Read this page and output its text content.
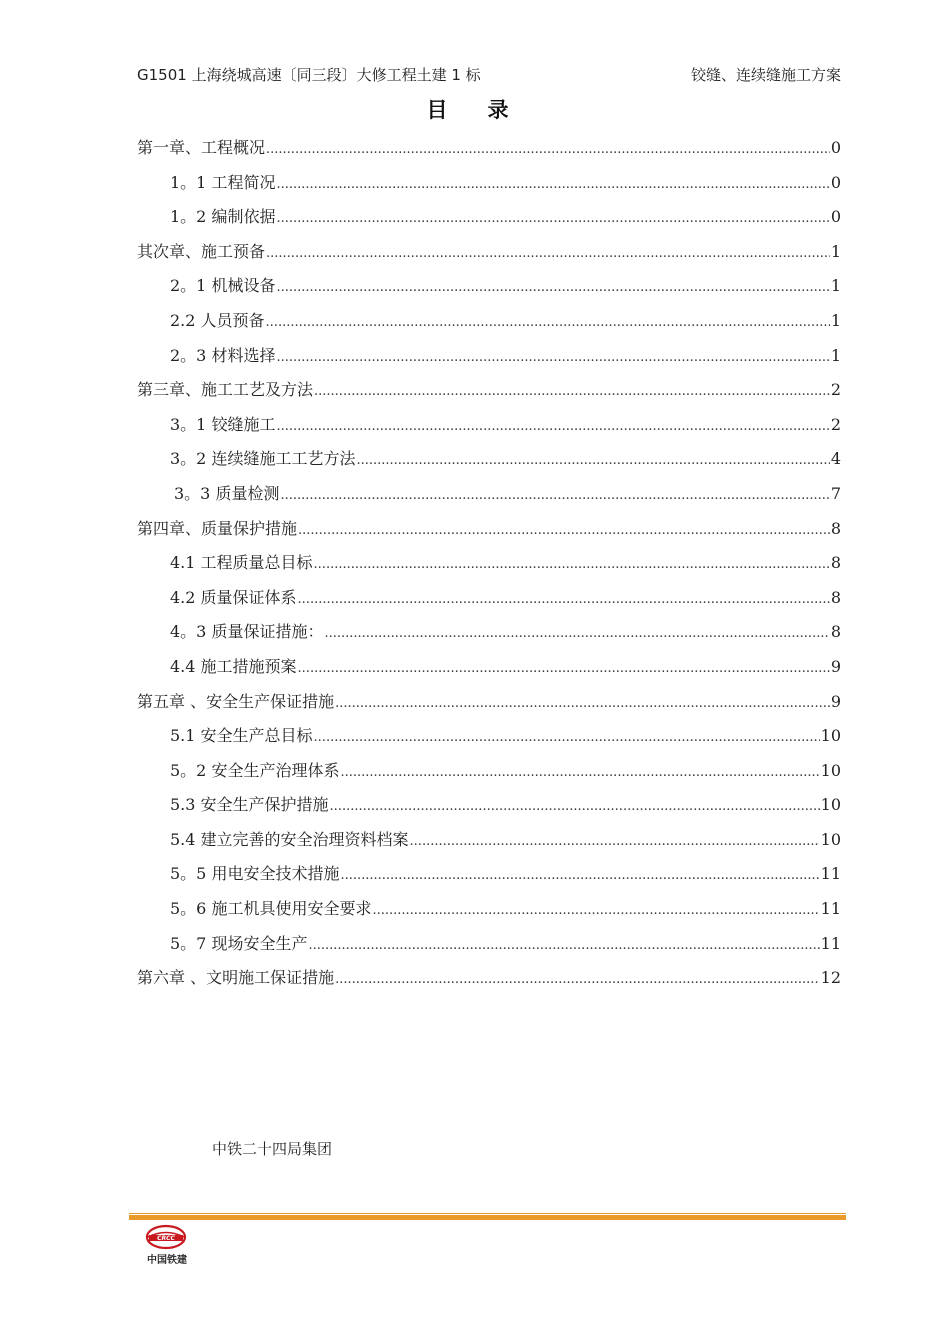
G1501 上海绕城高速〔同三段〕大修工程土建 1 标	铰缝、连续缝施工方案
目录
第一章、工程概况 .....	0
1。1 工程简况 .....	0
1。2 编制依据 .....	0
其次章、施工预备 .....	1
2。1 机械设备 .....	1
2.2 人员预备 .....	1
2。3 材料选择 .....	1
第三章、施工工艺及方法 .....	2
3。1 铰缝施工 .....	2
3。2 连续缝施工工艺方法 .....	4
3。3 质量检测 .....	7
第四章、质量保护措施 .....	8
4.1 工程质量总目标 .....	8
4.2 质量保证体系 .....	8
4。3 质量保证措施： .....	8
4.4 施工措施预案 .....	9
第五章 、安全生产保证措施 .....	9
5.1 安全生产总目标 .....	10
5。2 安全生产治理体系 .....	10
5.3 安全生产保护措施 .....	10
5.4 建立完善的安全治理资料档案 .....	10
5。5 用电安全技术措施 .....	11
5。6 施工机具使用安全要求 .....	11
5。7 现场安全生产 .....	11
第六章 、文明施工保证措施 .....	12
中铁二十四局集团
CRCC
中国铁建
